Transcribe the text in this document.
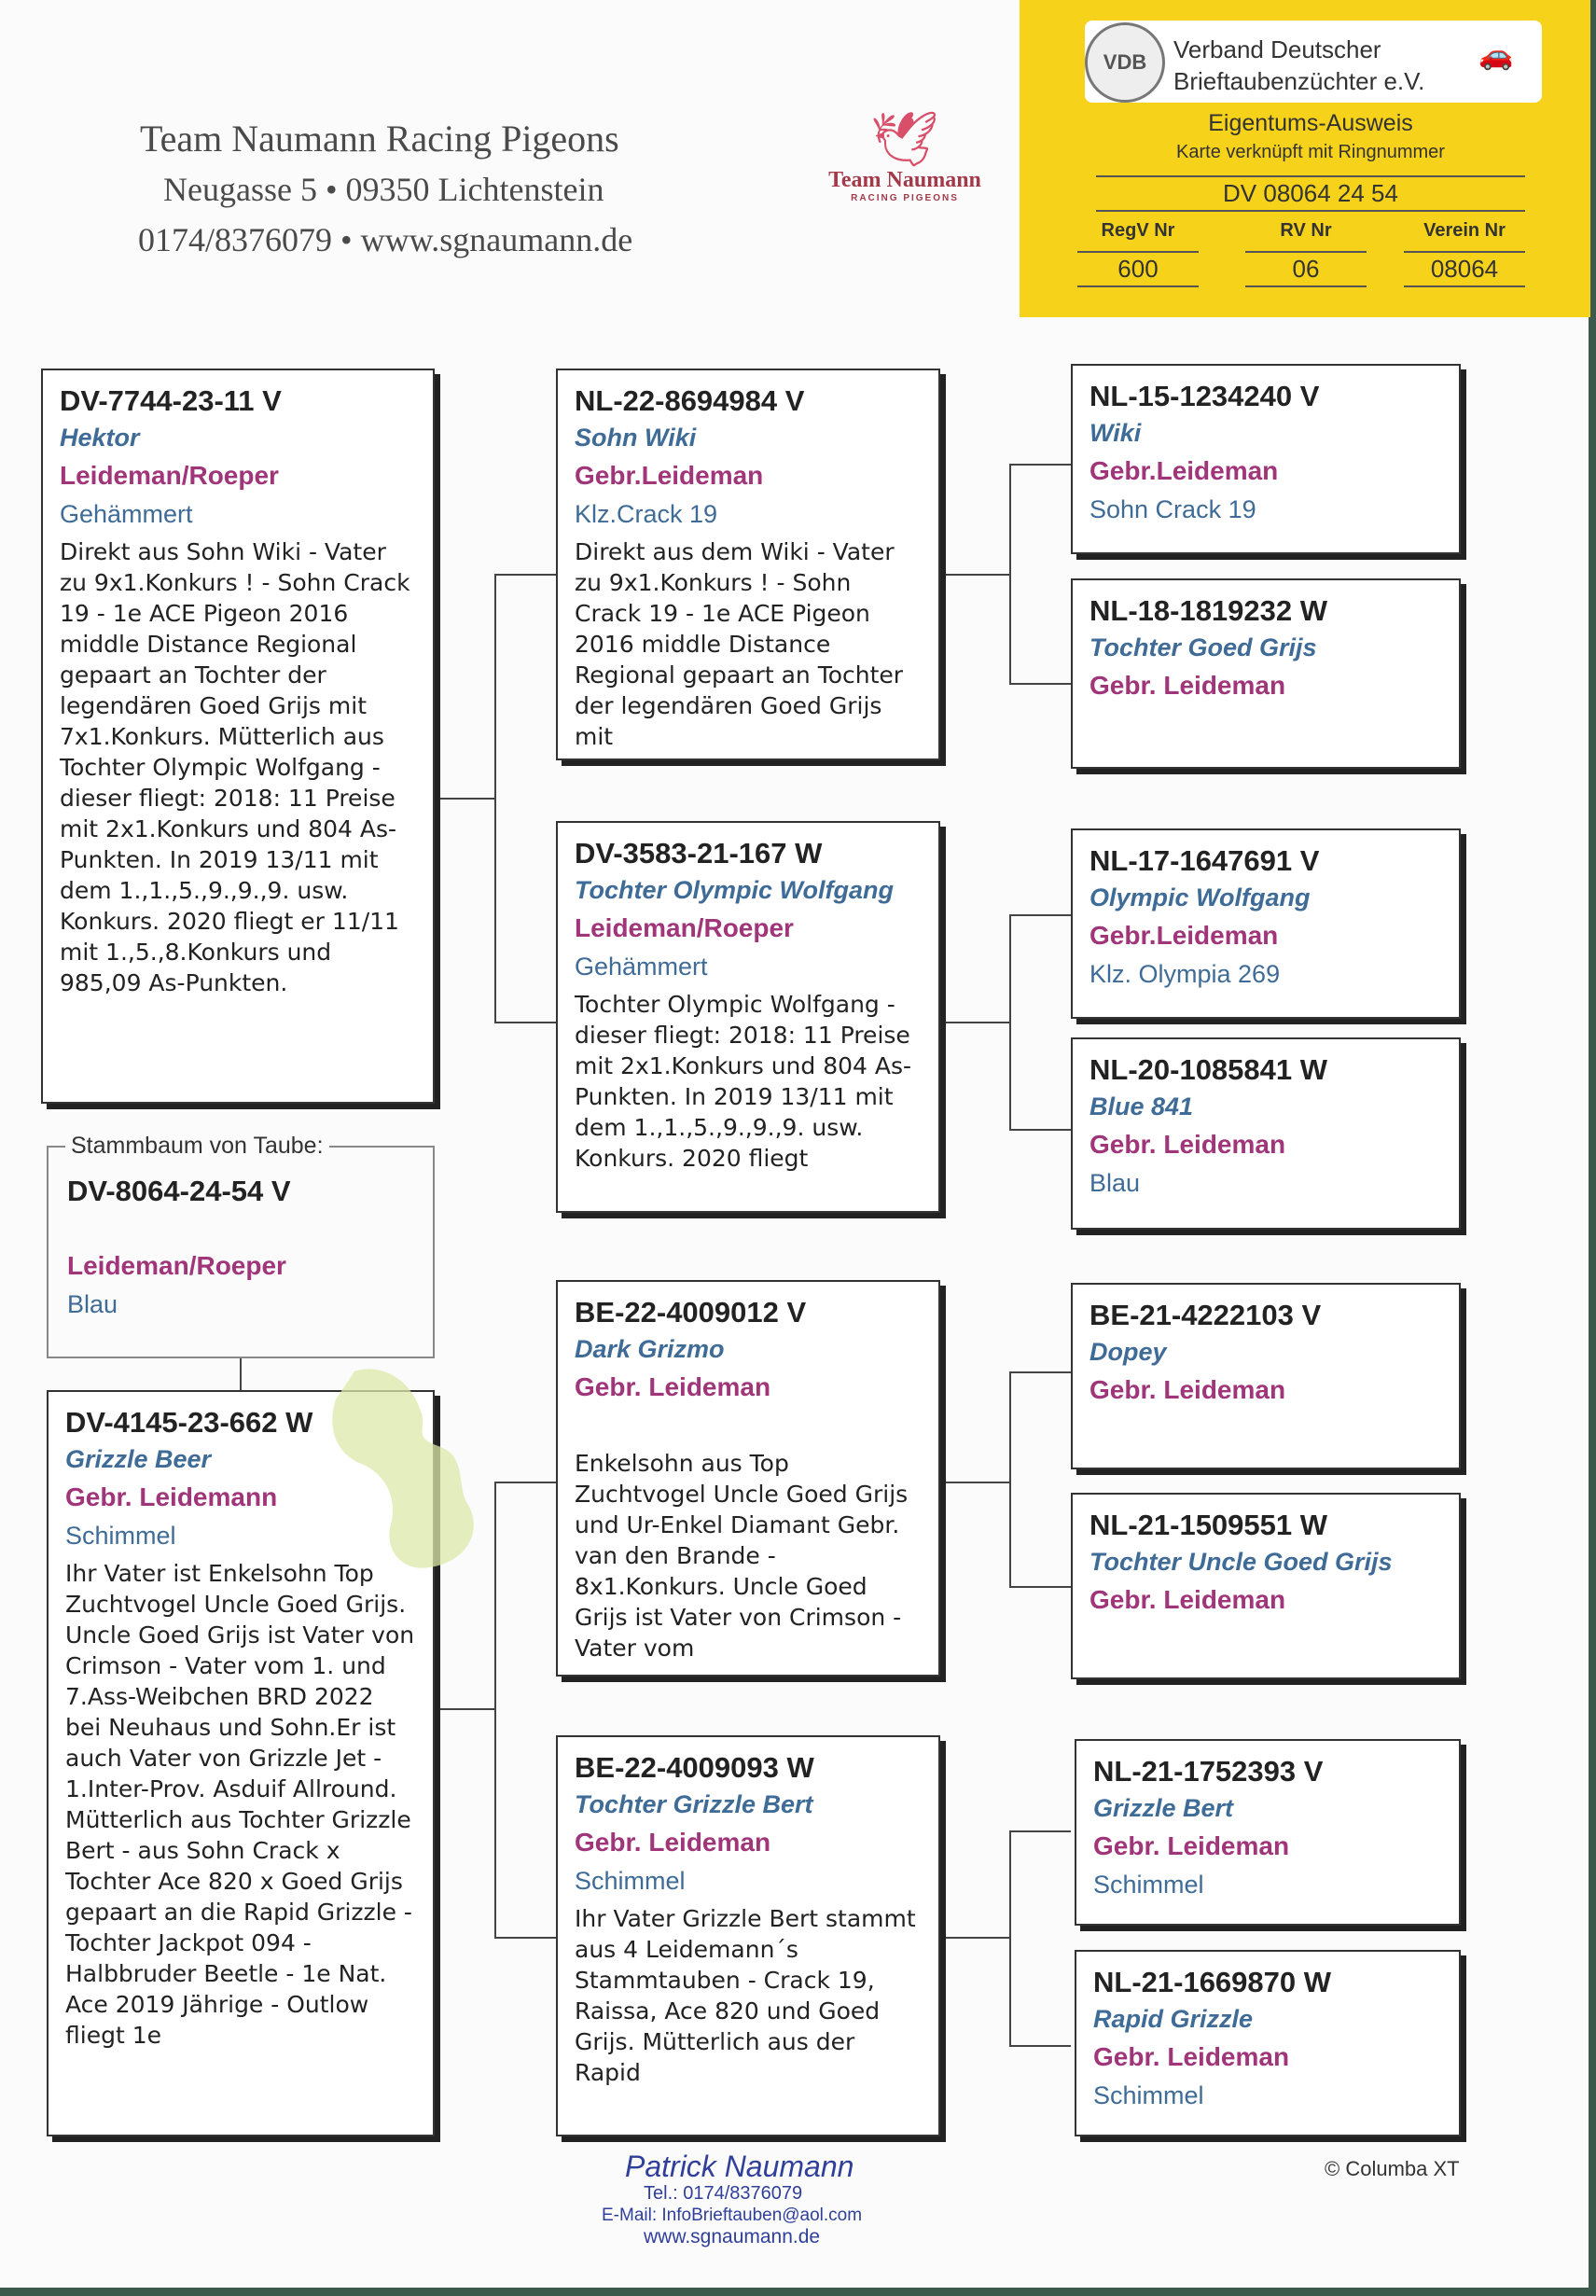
Team Naumann Racing Pigeons
Neugasse 5 • 09350 Lichtenstein
0174/8376079 • www.sgnaumann.de
🕊
Team Naumann
RACING PIGEONS
VDB	Verband Deutscher
Brieftaubenzüchter e.V.
🚗
Eigentums-Ausweis
Karte verknüpft mit Ringnummer
DV 08064 24 54
RegV Nr
600
RV Nr
06
Verein Nr
08064
DV-7744-23-11 V
Hektor
Leideman/Roeper
Gehämmert
Direkt aus Sohn Wiki - Vater zu 9x1.Konkurs ! - Sohn Crack 19 - 1e ACE Pigeon 2016 middle Distance Regional gepaart an Tochter der legendären Goed Grijs mit 7x1.Konkurs. Mütterlich aus Tochter Olympic Wolfgang - dieser fliegt: 2018: 11 Preise mit 2x1.Konkurs und 804 As-Punkten. In 2019 13/11 mit dem 1.,1.,5.,9.,9.,9. usw. Konkurs. 2020 fliegt er 11/11 mit 1.,5.,8.Konkurs und 985,09 As-Punkten.
DV-8064-24-54 V
Leideman/Roeper
Blau
Stammbaum von Taube:
DV-4145-23-662 W
Grizzle Beer
Gebr. Leidemann
Schimmel
Ihr Vater ist Enkelsohn Top Zuchtvogel Uncle Goed Grijs. Uncle Goed Grijs ist Vater von Crimson - Vater vom 1. und 7.Ass-Weibchen BRD 2022 bei Neuhaus und Sohn.Er ist auch Vater von Grizzle Jet - 1.Inter-Prov. Asduif Allround. Mütterlich aus Tochter Grizzle Bert - aus Sohn Crack x Tochter Ace 820 x Goed Grijs gepaart an die Rapid Grizzle - Tochter Jackpot 094 - Halbbruder Beetle - 1e Nat. Ace 2019 Jährige - Outlow fliegt 1e
NL-22-8694984 V
Sohn Wiki
Gebr.Leideman
Klz.Crack 19
Direkt aus dem Wiki - Vater zu 9x1.Konkurs ! - Sohn Crack 19 - 1e ACE Pigeon 2016 middle Distance Regional gepaart an Tochter der legendären Goed Grijs mit
DV-3583-21-167 W
Tochter Olympic Wolfgang
Leideman/Roeper
Gehämmert
Tochter Olympic Wolfgang - dieser fliegt: 2018: 11 Preise mit 2x1.Konkurs und 804 As-Punkten. In 2019 13/11 mit dem 1.,1.,5.,9.,9.,9. usw. Konkurs. 2020 fliegt
BE-22-4009012 V
Dark Grizmo
Gebr. Leideman
Enkelsohn aus Top Zuchtvogel Uncle Goed Grijs und Ur-Enkel Diamant Gebr. van den Brande - 8x1.Konkurs. Uncle Goed Grijs ist Vater von Crimson - Vater vom
BE-22-4009093 W
Tochter Grizzle Bert
Gebr. Leideman
Schimmel
Ihr Vater Grizzle Bert stammt aus 4 Leidemann´s Stammtauben - Crack 19, Raissa, Ace 820 und Goed Grijs. Mütterlich aus der Rapid
NL-15-1234240 V
Wiki
Gebr.Leideman
Sohn Crack 19
NL-18-1819232 W
Tochter Goed Grijs
Gebr. Leideman
NL-17-1647691 V
Olympic Wolfgang
Gebr.Leideman
Klz. Olympia 269
NL-20-1085841 W
Blue 841
Gebr. Leideman
Blau
BE-21-4222103 V
Dopey
Gebr. Leideman
NL-21-1509551 W
Tochter Uncle Goed Grijs
Gebr. Leideman
NL-21-1752393 V
Grizzle Bert
Gebr. Leideman
Schimmel
NL-21-1669870 W
Rapid Grizzle
Gebr. Leideman
Schimmel
Patrick Naumann
Tel.: 0174/8376079
E-Mail: InfoBrieftauben@aol.com
www.sgnaumann.de
© Columba XT
